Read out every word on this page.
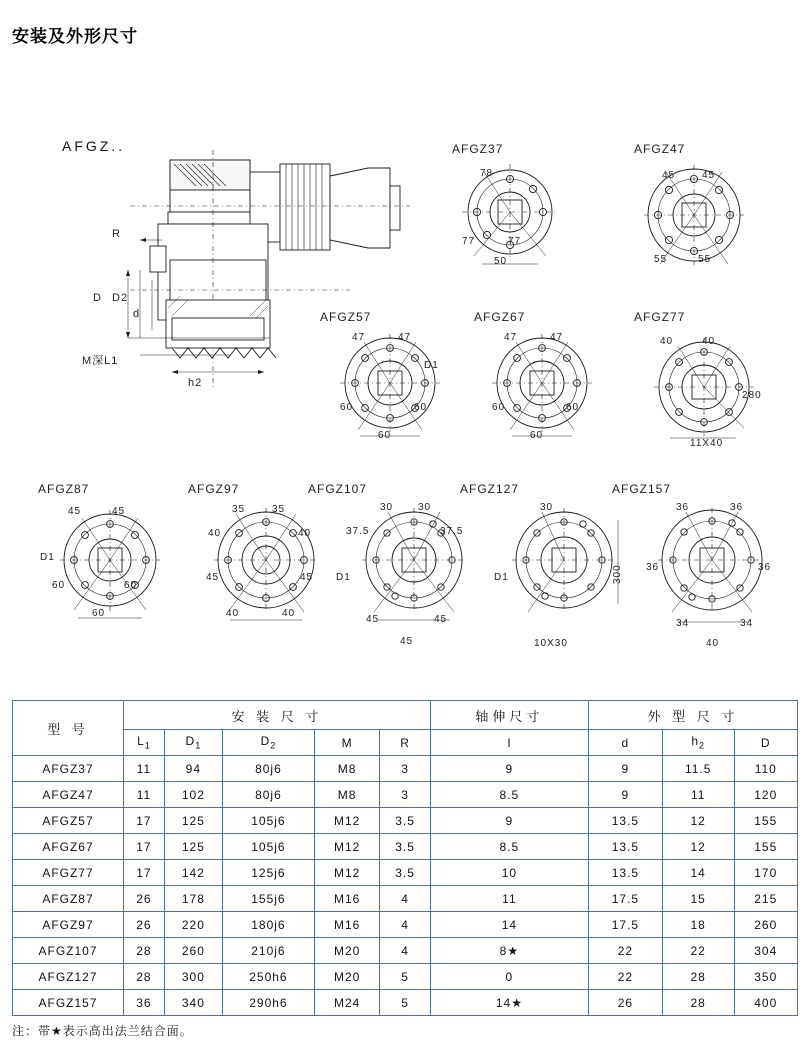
安装及外形尺寸
AFGZ..
R
D D2
d
M深L1
h2
AFGZ37
78
77	77
50
AFGZ47
45	45
55	55
AFGZ57
47	47
D1
60	60
60
AFGZ67
47	47
60	60
60
AFGZ77
40	40
280
11X40
AFGZ87
45	45
D1
60	60
60
AFGZ97
35	35
40	40
45	45
40	40
AFGZ107
30 30
37.5	37.5
D1
45	45
45
AFGZ127
30
300
10X30
D1
AFGZ157
36	36
36	36
34	34
40
型 号	安 装 尺 寸					轴伸尺寸	外 型 尺 寸		
	$L_1$	$D_1$	$D_2$	M	R	l	d	$h_2$	D
AFGZ37	11	94	80j6	M8	3	9	9	11.5	110
AFGZ47	11	102	80j6	M8	3	8.5	9	11	120
AFGZ57	17	125	105j6	M12	3.5	9	13.5	12	155
AFGZ67	17	125	105j6	M12	3.5	8.5	13.5	12	155
AFGZ77	17	142	125j6	M12	3.5	10	13.5	14	170
AFGZ87	26	178	155j6	M16	4	11	17.5	15	215
AFGZ97	26	220	180j6	M16	4	14	17.5	18	260
AFGZ107	28	260	210j6	M20	4	8★	22	22	304
AFGZ127	28	300	250h6	M20	5	0	22	28	350
AFGZ157	36	340	290h6	M24	5	14★	26	28	400
注：带★表示高出法兰结合面。
